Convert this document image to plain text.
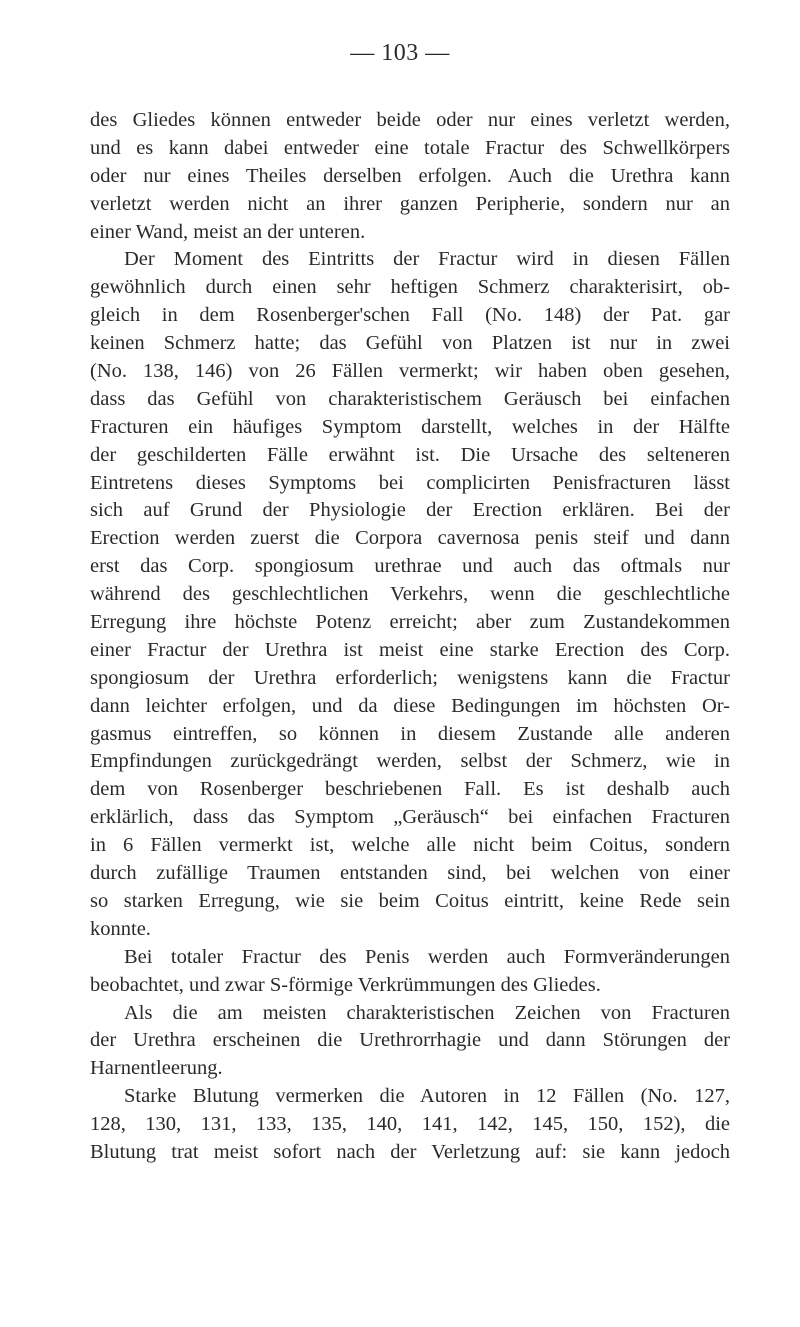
— 103 —
des Gliedes können entweder beide oder nur eines verletzt werden,
und es kann dabei entweder eine totale Fractur des Schwellkörpers
oder nur eines Theiles derselben erfolgen. Auch die Urethra kann
verletzt werden nicht an ihrer ganzen Peripherie, sondern nur an
einer Wand, meist an der unteren.
Der Moment des Eintritts der Fractur wird in diesen Fällen
gewöhnlich durch einen sehr heftigen Schmerz charakterisirt, ob-
gleich in dem Rosenberger'schen Fall (No. 148) der Pat. gar
keinen Schmerz hatte; das Gefühl von Platzen ist nur in zwei
(No. 138, 146) von 26 Fällen vermerkt; wir haben oben gesehen,
dass das Gefühl von charakteristischem Geräusch bei einfachen
Fracturen ein häufiges Symptom darstellt, welches in der Hälfte
der geschilderten Fälle erwähnt ist. Die Ursache des selteneren
Eintretens dieses Symptoms bei complicirten Penisfracturen lässt
sich auf Grund der Physiologie der Erection erklären. Bei der
Erection werden zuerst die Corpora cavernosa penis steif und dann
erst das Corp. spongiosum urethrae und auch das oftmals nur
während des geschlechtlichen Verkehrs, wenn die geschlechtliche
Erregung ihre höchste Potenz erreicht; aber zum Zustandekommen
einer Fractur der Urethra ist meist eine starke Erection des Corp.
spongiosum der Urethra erforderlich; wenigstens kann die Fractur
dann leichter erfolgen, und da diese Bedingungen im höchsten Or-
gasmus eintreffen, so können in diesem Zustande alle anderen
Empfindungen zurückgedrängt werden, selbst der Schmerz, wie in
dem von Rosenberger beschriebenen Fall. Es ist deshalb auch
erklärlich, dass das Symptom „Geräusch“ bei einfachen Fracturen
in 6 Fällen vermerkt ist, welche alle nicht beim Coitus, sondern
durch zufällige Traumen entstanden sind, bei welchen von einer
so starken Erregung, wie sie beim Coitus eintritt, keine Rede sein
konnte.
Bei totaler Fractur des Penis werden auch Formveränderungen
beobachtet, und zwar S-förmige Verkrümmungen des Gliedes.
Als die am meisten charakteristischen Zeichen von Fracturen
der Urethra erscheinen die Urethrorrhagie und dann Störungen der
Harnentleerung.
Starke Blutung vermerken die Autoren in 12 Fällen (No. 127,
128, 130, 131, 133, 135, 140, 141, 142, 145, 150, 152), die
Blutung trat meist sofort nach der Verletzung auf: sie kann jedoch
